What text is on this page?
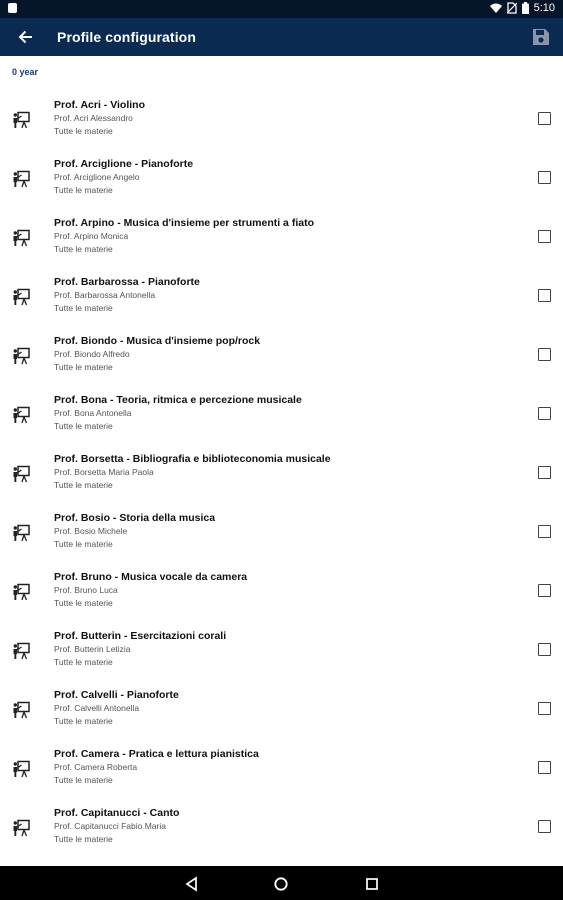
5:10
Profile configuration
0 year
Prof. Acri - Violino
Prof. Acri Alessandro
Tutte le materie
Prof. Arciglione - Pianoforte
Prof. Arciglione Angelo
Tutte le materie
Prof. Arpino - Musica d'insieme per strumenti a fiato
Prof. Arpino Monica
Tutte le materie
Prof. Barbarossa - Pianoforte
Prof. Barbarossa Antonella
Tutte le materie
Prof. Biondo - Musica d'insieme pop/rock
Prof. Biondo Alfredo
Tutte le materie
Prof. Bona - Teoria, ritmica e percezione musicale
Prof. Bona Antonella
Tutte le materie
Prof. Borsetta - Bibliografia e biblioteconomia musicale
Prof. Borsetta Maria Paola
Tutte le materie
Prof. Bosio - Storia della musica
Prof. Bosio Michele
Tutte le materie
Prof. Bruno - Musica vocale da camera
Prof. Bruno Luca
Tutte le materie
Prof. Butterin - Esercitazioni corali
Prof. Butterin Letizia
Tutte le materie
Prof. Calvelli - Pianoforte
Prof. Calvelli Antonella
Tutte le materie
Prof. Camera - Pratica e lettura pianistica
Prof. Camera Roberta
Tutte le materie
Prof. Capitanucci - Canto
Prof. Capitanucci Fabio Maria
Tutte le materie
